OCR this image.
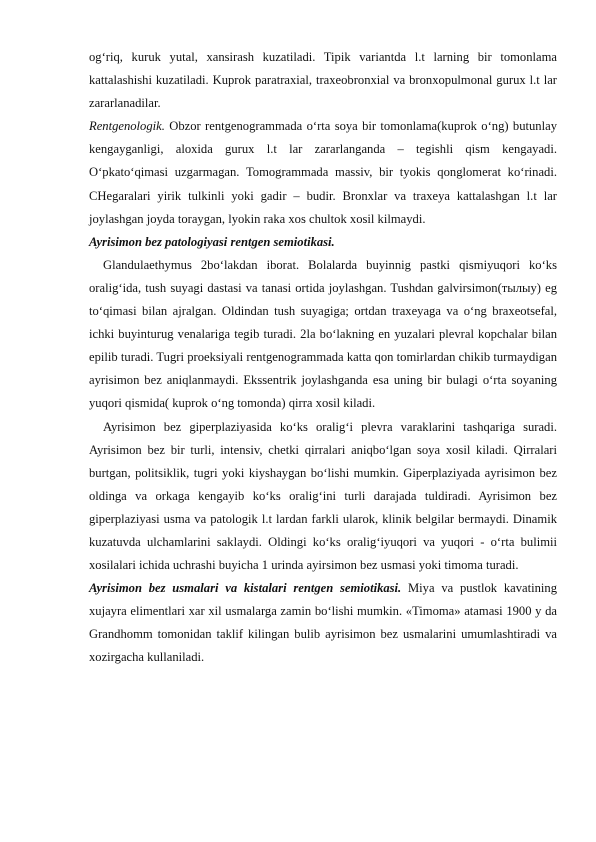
og‘riq, kuruk yutal, xansirash kuzatiladi. Tipik variantda l.t larning bir tomonlama kattalashishi kuzatiladi. Kuprok paratraxial, traxeobronxial va bronxopulmonal gurux l.t lar zararlanadilar.

Rentgenologik. Obzor rentgenogrammada o‘rta soya bir tomonlama(kuprok o‘ng) butunlay kengayganligi, aloxida gurux l.t lar zararlanganda – tegishli qism kengayadi. O‘pkato‘qimasi uzgarmagan. Tomogrammada massiv, bir tyokis qonglomerat ko‘rinadi. CHegaralari yirik tulkinli yoki gadir – budir. Bronxlar va traxeya kattalashgan l.t lar joylashgan joyda toraygan, lyokin raka xos chultok xosil kilmaydi.

Ayrisimon bez patologiyasi rentgen semiotikasi.

Glandulaethymus 2bo‘lakdan iborat. Bolalarda buyinnig pastki qismiyuqori ko‘ks oralig‘ida, tush suyagi dastasi va tanasi ortida joylashgan. Tushdan galvirsimon(тылыу) eg to‘qimasi bilan ajralgan. Oldindan tush suyagiga; ortdan traxeyaga va o‘ng braxeotsefal, ichki buyinturug venalariga tegib turadi. 2la bo‘lakning en yuzalari plevral kopchalar bilan epilib turadi. Tugri proeksiyali rentgenogrammada katta qon tomirlardan chikib turmaydigan ayrisimon bez aniqlanmaydi. Ekssentrik joylashganda esa uning bir bulagi o‘rta soyaning yuqori qismida( kuprok o‘ng tomonda) qirra xosil kiladi.

Ayrisimon bez giperplaziyasida ko‘ks oralig‘i plevra varaklarini tashqariga suradi. Ayrisimon bez bir turli, intensiv, chetki qirralari aniqbo‘lgan soya xosil kiladi. Qirralari burtgan, politsiklik, tugri yoki kiyshaygan bo‘lishi mumkin. Giperplaziyada ayrisimon bez oldinga va orkaga kengayib ko‘ks oralig‘ini turli darajada tuldiradi. Ayrisimon bez giperplaziyasi usma va patologik l.t lardan farkli ularok, klinik belgilar bermaydi. Dinamik kuzatuvda ulchamlarini saklaydi. Oldingi ko‘ks oralig‘iyuqori va yuqori - o‘rta bulimii xosilalari ichida uchrashi buyicha 1 urinda ayirsimon bez usmasi yoki timoma turadi.

Ayrisimon bez usmalari va kistalari rentgen semiotikasi. Miya va pustlok kavatining xujayra elimentlari xar xil usmalarga zamin bo‘lishi mumkin. «Timoma» atamasi 1900 y da Grandhomm tomonidan taklif kilingan bulib ayrisimon bez usmalarini umumlashtiradi va xozirgacha kullaniladi.
